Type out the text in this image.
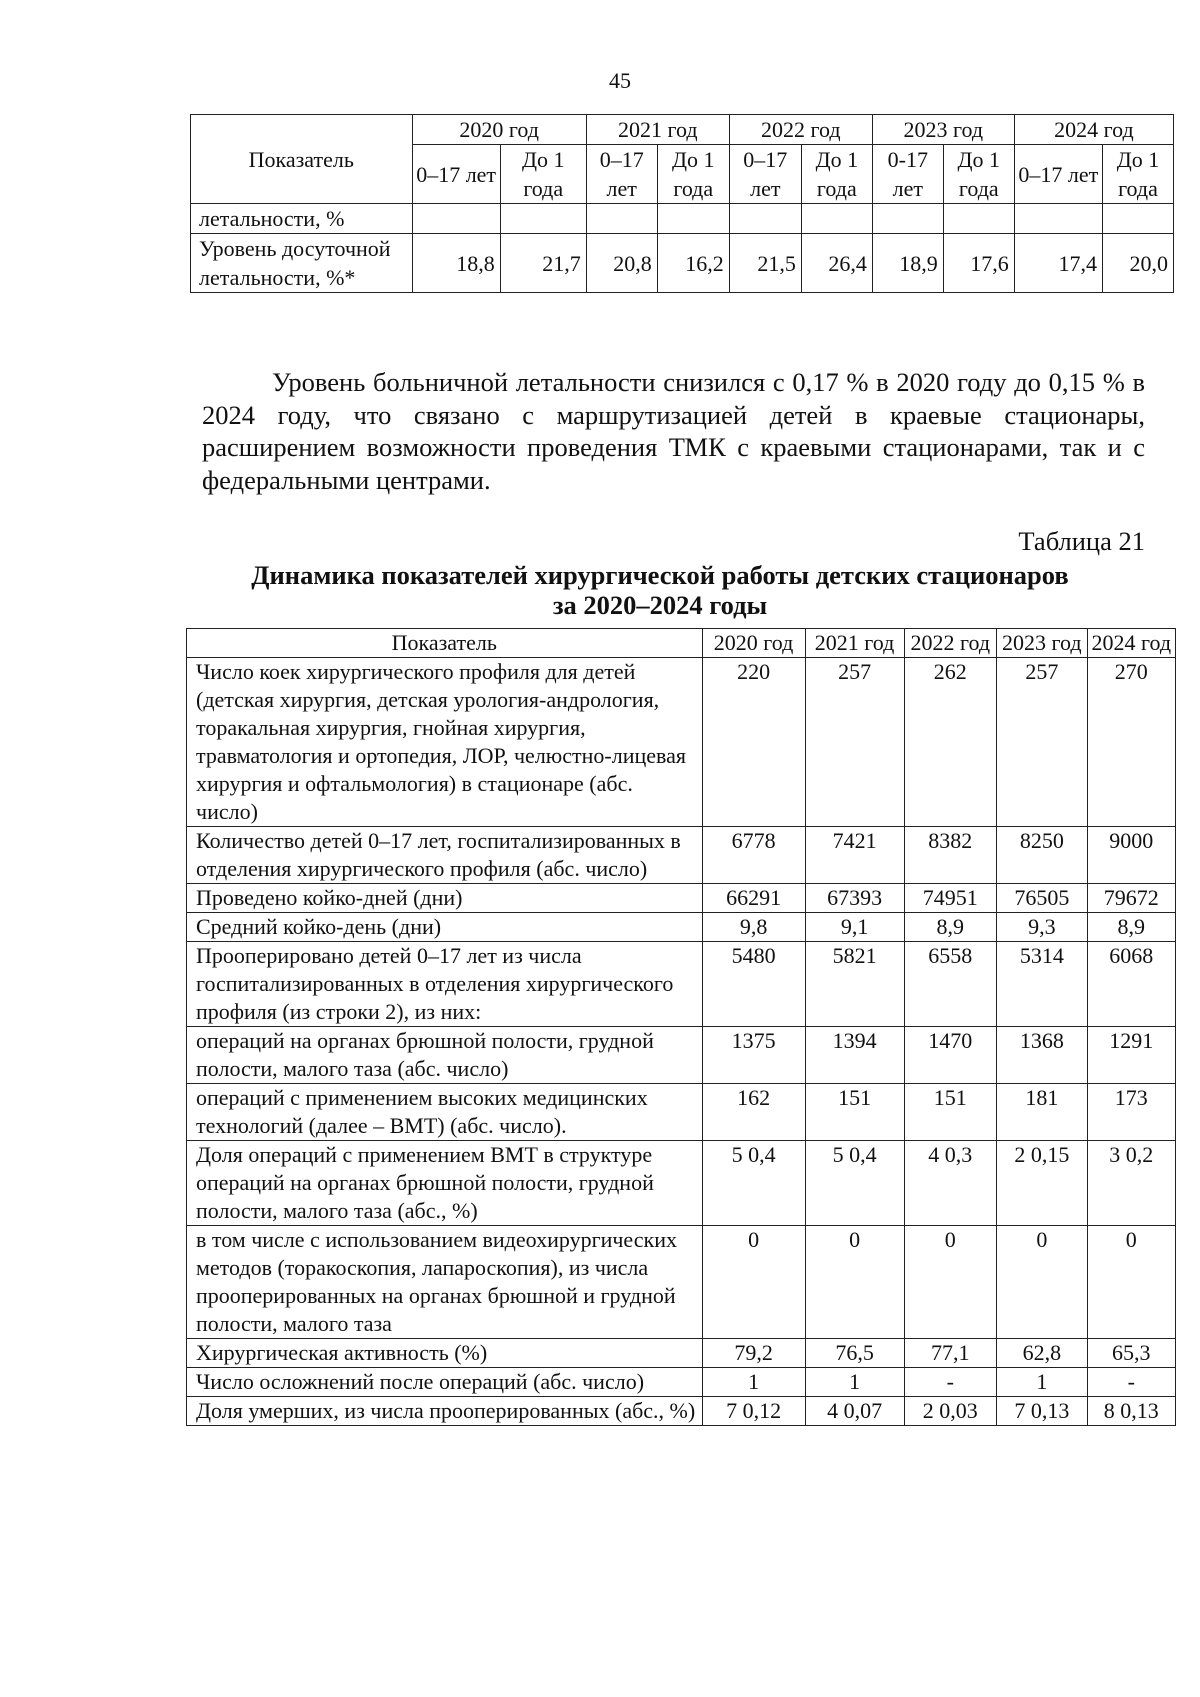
45
Показатель	2020 год		2021 год		2022 год		2023 год		2024 год	
	0–17 лет	До 1 года	0–17 лет	До 1 года	0–17 лет	До 1 года	0-17 лет	До 1 года	0–17 лет	До 1 года
летальности, %										
Уровень досуточной летальности, %*	18,8	21,7	20,8	16,2	21,5	26,4	18,9	17,6	17,4	20,0

Уровень больничной летальности снизился с 0,17 % в 2020 году до 0,15 % в 2024 году, что связано с маршрутизацией детей в краевые стационары, расширением возможности проведения ТМК с краевыми стационарами, так и с федеральными центрами.

Таблица 21
Динамика показателей хирургической работы детских стационаров
за 2020–2024 годы
Показатель	2020 год	2021 год	2022 год	2023 год	2024 год
Число коек хирургического профиля для детей (детская хирургия, детская урология-андрология, торакальная хирургия, гнойная хирургия, травматология и ортопедия, ЛОР, челюстно-лицевая хирургия и офтальмология) в стационаре (абс. число)	220	257	262	257	270
Количество детей 0–17 лет, госпитализированных в отделения хирургического профиля (абс. число)	6778	7421	8382	8250	9000
Проведено койко-дней (дни)	66291	67393	74951	76505	79672
Средний койко-день (дни)	9,8	9,1	8,9	9,3	8,9
Прооперировано детей 0–17 лет из числа госпитализированных в отделения хирургического профиля (из строки 2), из них:	5480	5821	6558	5314	6068
операций на органах брюшной полости, грудной полости, малого таза (абс. число)	1375	1394	1470	1368	1291
операций с применением высоких медицинских технологий (далее – ВМТ) (абс. число).	162	151	151	181	173
Доля операций с применением ВМТ в структуре операций на органах брюшной полости, грудной полости, малого таза (абс., %)	5 0,4	5 0,4	4 0,3	2 0,15	3 0,2
в том числе с использованием видеохирургических методов (торакоскопия, лапароскопия), из числа прооперированных на органах брюшной и грудной полости, малого таза	0	0	0	0	0
Хирургическая активность (%)	79,2	76,5	77,1	62,8	65,3
Число осложнений после операций (абс. число)	1	1	-	1	-
Доля умерших, из числа прооперированных (абс., %)	7 0,12	4 0,07	2 0,03	7 0,13	8 0,13
